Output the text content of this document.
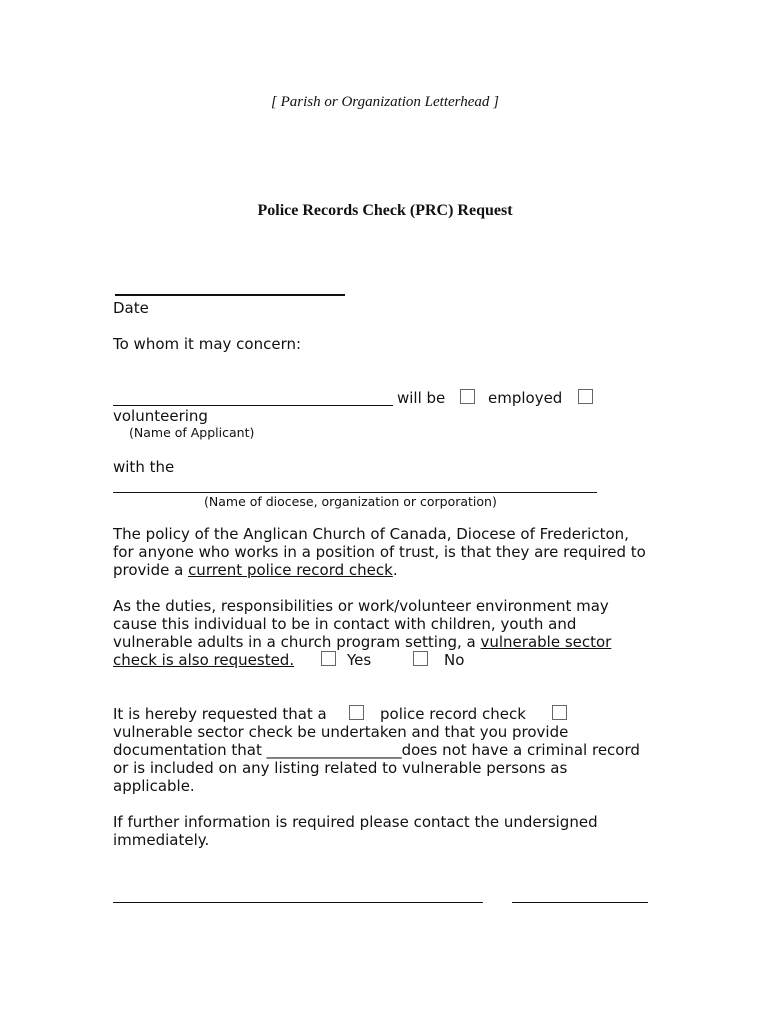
[ Parish or Organization Letterhead ]
Police Records Check (PRC) Request
Date
To whom it may concern:
will be	employed
volunteering
(Name of Applicant)
with the
(Name of diocese, organization or corporation)
The policy of the Anglican Church of Canada, Diocese of Fredericton,
for anyone who works in a position of trust, is that they are required to
provide a current police record check.
As the duties, responsibilities or work/volunteer environment may
cause this individual to be in contact with children, youth and
vulnerable adults in a church program setting, a vulnerable sector
check is also requested.	Yes	No
It is hereby requested that a	police record check
vulnerable sector check be undertaken and that you provide
documentation that __________________does not have a criminal record
or is included on any listing related to vulnerable persons as
applicable.
If further information is required please contact the undersigned
immediately.
